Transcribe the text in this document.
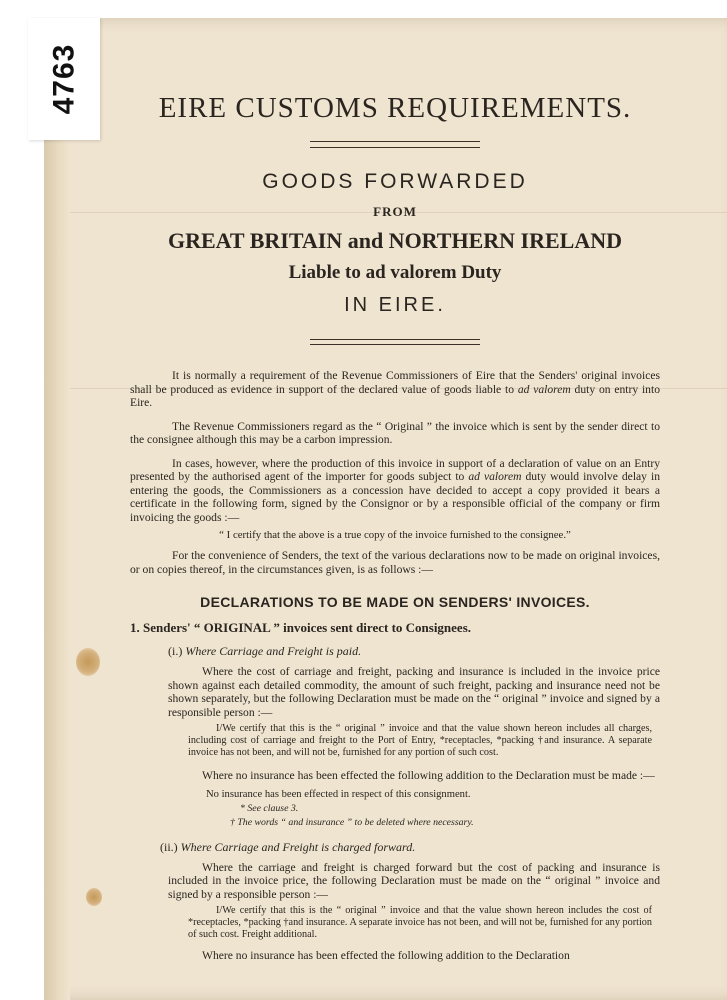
4763	EIRE CUSTOMS REQUIREMENTS.
GOODS FORWARDED
FROM
GREAT BRITAIN and NORTHERN IRELAND
Liable to ad valorem Duty
IN EIRE.

It is normally a requirement of the Revenue Commissioners of Eire that the Senders' original invoices shall be produced as evidence in support of the declared value of goods liable to ad valorem duty on entry into Eire.

The Revenue Commissioners regard as the “ Original ” the invoice which is sent by the sender direct to the consignee although this may be a carbon impression.

In cases, however, where the production of this invoice in support of a declaration of value on an Entry presented by the authorised agent of the importer for goods subject to ad valorem duty would involve delay in entering the goods, the Commissioners as a concession have decided to accept a copy provided it bears a certificate in the following form, signed by the Consignor or by a responsible official of the company or firm invoicing the goods :—

“ I certify that the above is a true copy of the invoice furnished to the consignee.”

For the convenience of Senders, the text of the various declarations now to be made on original invoices, or on copies thereof, in the circumstances given, is as follows :—

DECLARATIONS TO BE MADE ON SENDERS' INVOICES.
1. Senders' “ ORIGINAL ” invoices sent direct to Consignees.
(i.) Where Carriage and Freight is paid.

Where the cost of carriage and freight, packing and insurance is included in the invoice price shown against each detailed commodity, the amount of such freight, packing and insurance need not be shown separately, but the following Declaration must be made on the “ original ” invoice and signed by a responsible person :—

I/We certify that this is the “ original ” invoice and that the value shown hereon includes all charges, including cost of carriage and freight to the Port of Entry, *receptacles, *packing †and insurance. A separate invoice has not been, and will not be, furnished for any portion of such cost.

Where no insurance has been effected the following addition to the Declaration must be made :—

No insurance has been effected in respect of this consignment.

* See clause 3.
† The words “ and insurance ” to be deleted where necessary.
(ii.) Where Carriage and Freight is charged forward.

Where the carriage and freight is charged forward but the cost of packing and insurance is included in the invoice price, the following Declaration must be made on the “ original ” invoice and signed by a responsible person :—

I/We certify that this is the “ original ” invoice and that the value shown hereon includes the cost of *receptacles, *packing †and insurance. A separate invoice has not been, and will not be, furnished for any portion of such cost. Freight additional.

Where no insurance has been effected the following addition to the Declaration
